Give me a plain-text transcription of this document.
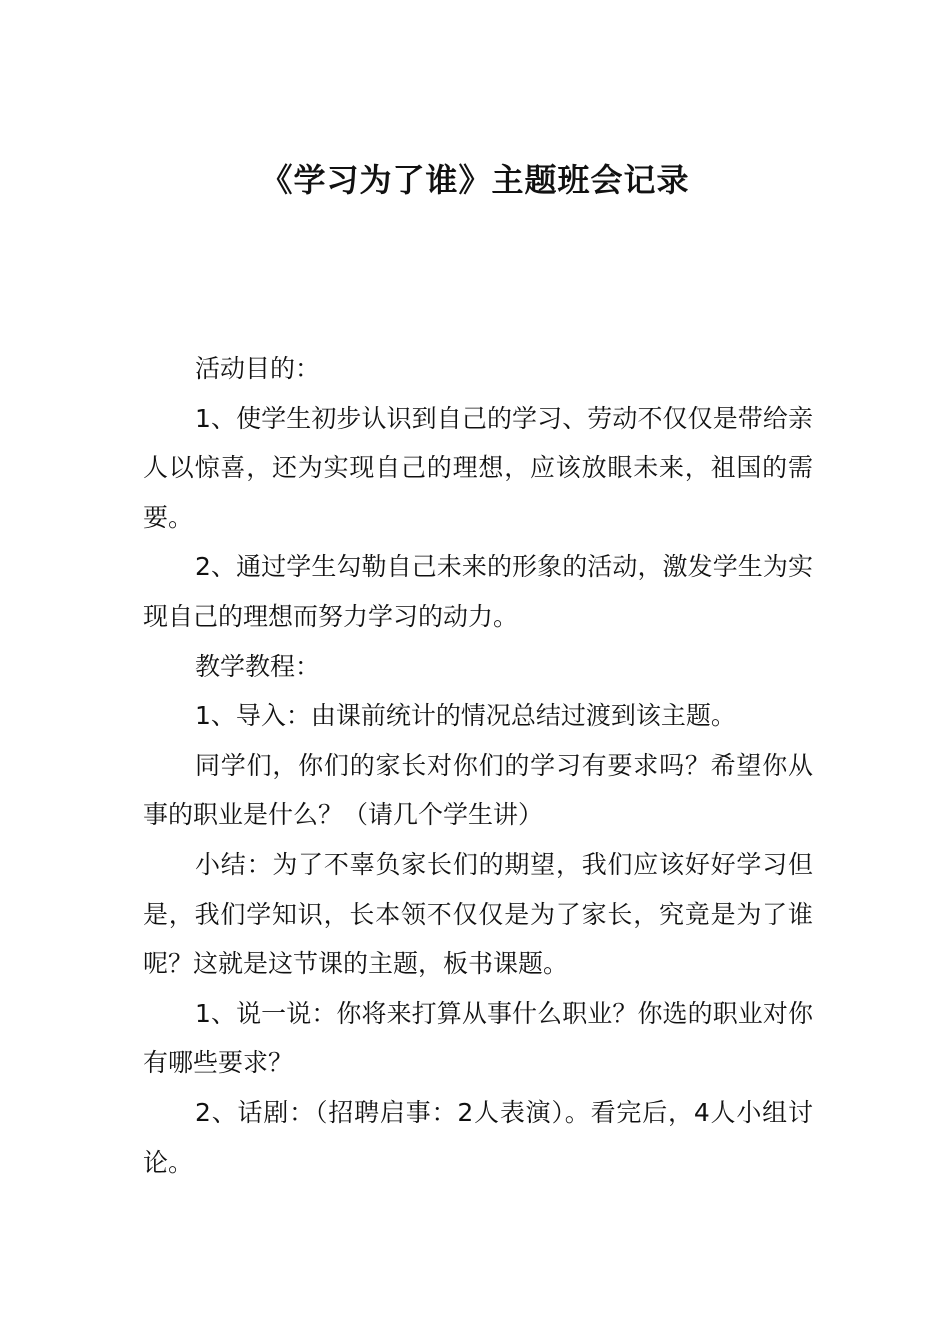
《学习为了谁》主题班会记录

活动目的：

1、使学生初步认识到自己的学习、劳动不仅仅是带给亲人以惊喜，还为实现自己的理想，应该放眼未来，祖国的需要。

2、通过学生勾勒自己未来的形象的活动，激发学生为实现自己的理想而努力学习的动力。

教学教程：

1、导入：由课前统计的情况总结过渡到该主题。

同学们，你们的家长对你们的学习有要求吗？希望你从事的职业是什么？（请几个学生讲）

小结：为了不辜负家长们的期望，我们应该好好学习但是，我们学知识，长本领不仅仅是为了家长，究竟是为了谁呢？这就是这节课的主题，板书课题。

1、说一说：你将来打算从事什么职业？你选的职业对你有哪些要求？

2、话剧：（招聘启事：2人表演）。看完后，4人小组讨论。
